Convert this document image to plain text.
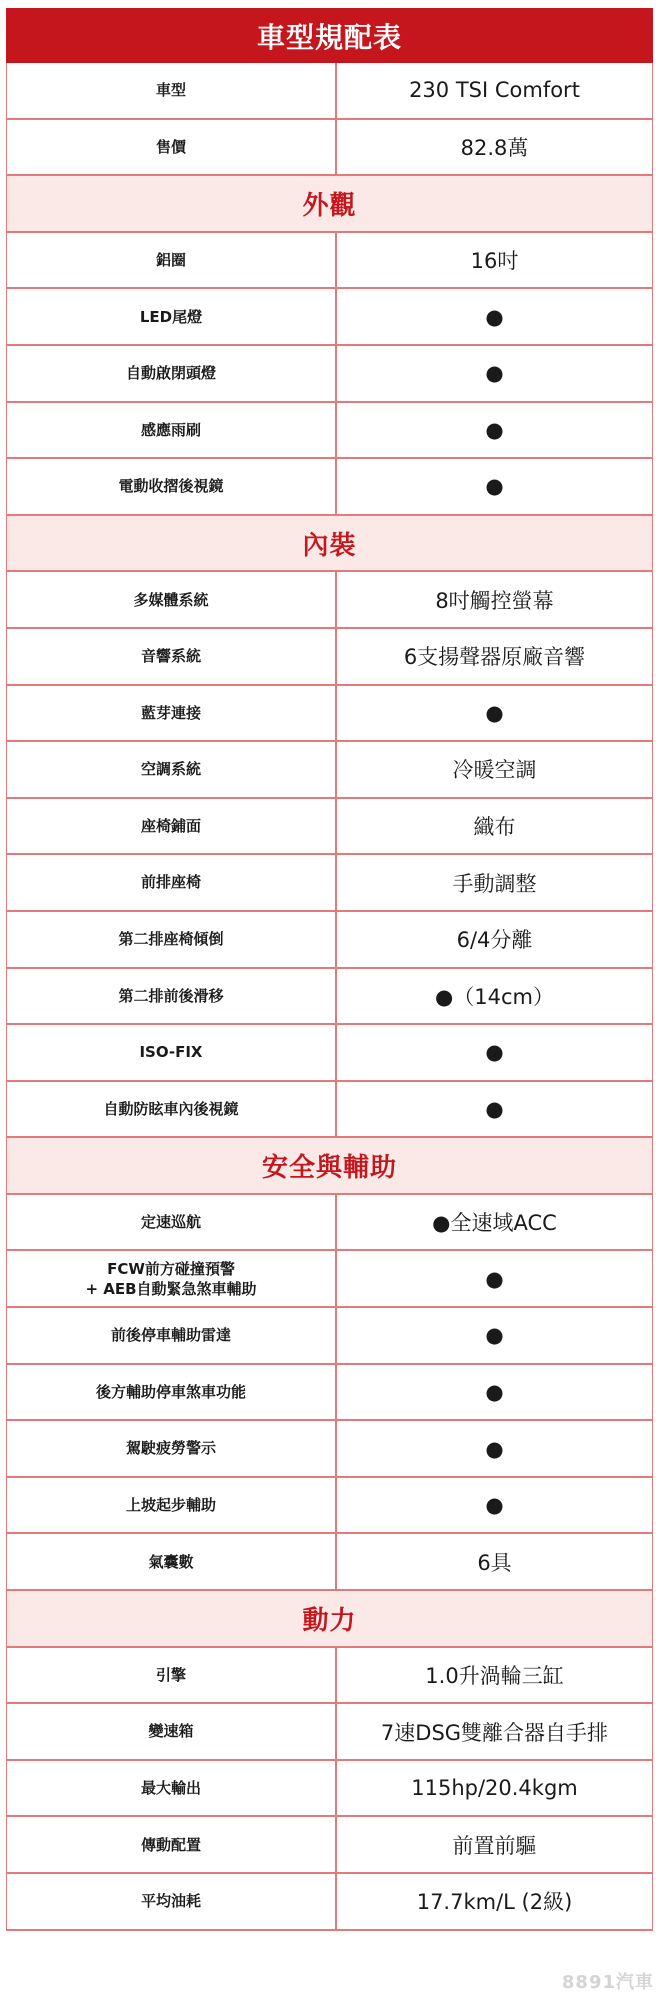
車型規配表
車型	230 TSI Comfort
售價	82.8萬
外觀
鋁圈	16吋
LED尾燈	●
自動啟閉頭燈	●
感應雨刷	●
電動收摺後視鏡	●
內裝
多媒體系統	8吋觸控螢幕
音響系統	6支揚聲器原廠音響
藍芽連接	●
空調系統	冷暖空調
座椅鋪面	織布
前排座椅	手動調整
第二排座椅傾倒	6/4分離
第二排前後滑移	●（14cm）
ISO-FIX	●
自動防眩車內後視鏡	●
安全與輔助
定速巡航	●全速域ACC
FCW前方碰撞預警
+ AEB自動緊急煞車輔助	●
前後停車輔助雷達	●
後方輔助停車煞車功能	●
駕駛疲勞警示	●
上坡起步輔助	●
氣囊數	6具
動力
引擎	1.0升渦輪三缸
變速箱	7速DSG雙離合器自手排
最大輸出	115hp/20.4kgm
傳動配置	前置前驅
平均油耗	17.7km/L (2級)
8891汽車
